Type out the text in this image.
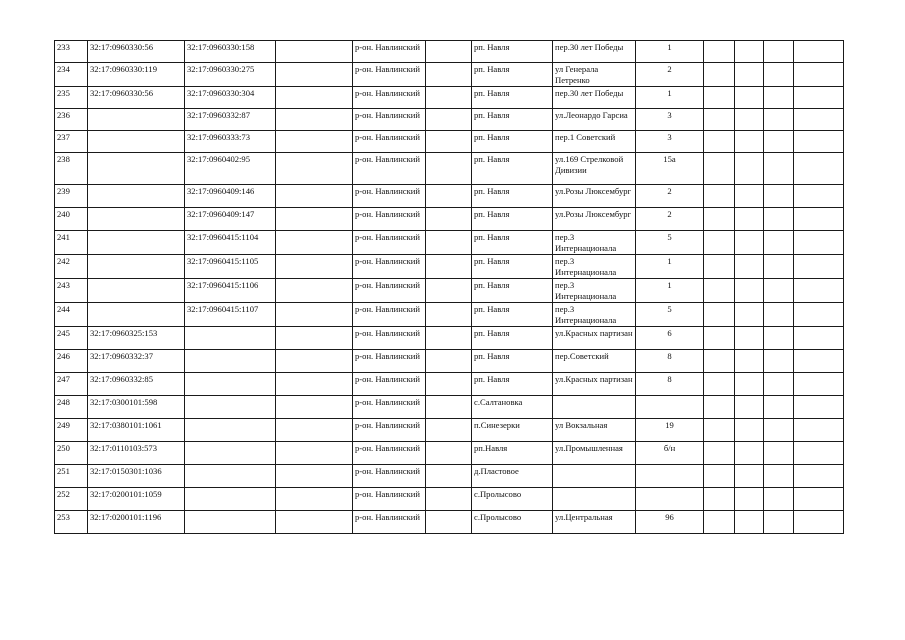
233	32:17:0960330:56	32:17:0960330:158		р-он. Навлинский		рп. Навля	пер.30 лет Победы	1				
234	32:17:0960330:119	32:17:0960330:275		р-он. Навлинский		рп. Навля	ул Генерала Петренко	2				
235	32:17:0960330:56	32:17:0960330:304		р-он. Навлинский		рп. Навля	пер.30 лет Победы	1				
236		32:17:0960332:87		р-он. Навлинский		рп. Навля	ул.Леонардо Гарсиа	3				
237		32:17:0960333:73		р-он. Навлинский		рп. Навля	пер.1 Советский	3				
238		32:17:0960402:95		р-он. Навлинский		рп. Навля	ул.169 Стрелковой Дивизии	15а				
239		32:17:0960409:146		р-он. Навлинский		рп. Навля	ул.Розы Люксембург	2				
240		32:17:0960409:147		р-он. Навлинский		рп. Навля	ул.Розы Люксембург	2				
241		32:17:0960415:1104		р-он. Навлинский		рп. Навля	пер.3 Интернационала	5				
242		32:17:0960415:1105		р-он. Навлинский		рп. Навля	пер.3 Интернационала	1				
243		32:17:0960415:1106		р-он. Навлинский		рп. Навля	пер.3 Интернационала	1				
244		32:17:0960415:1107		р-он. Навлинский		рп. Навля	пер.3 Интернационала	5				
245	32:17:0960325:153			р-он. Навлинский		рп. Навля	ул.Красных партизан	6				
246	32:17:0960332:37			р-он. Навлинский		рп. Навля	пер.Советский	8				
247	32:17:0960332:85			р-он. Навлинский		рп. Навля	ул.Красных партизан	8				
248	32:17:0300101:598			р-он. Навлинский		с.Салтановка						
249	32:17:0380101:1061			р-он. Навлинский		п.Синезерки	ул Вокзальная	19				
250	32:17:0110103:573			р-он. Навлинский		рп.Навля	ул.Промышленная	б/н				
251	32:17:0150301:1036			р-он. Навлинский		д.Пластовое						
252	32:17:0200101:1059			р-он. Навлинский		с.Пролысово						
253	32:17:0200101:1196			р-он. Навлинский		с.Пролысово	ул.Центральная	96				
